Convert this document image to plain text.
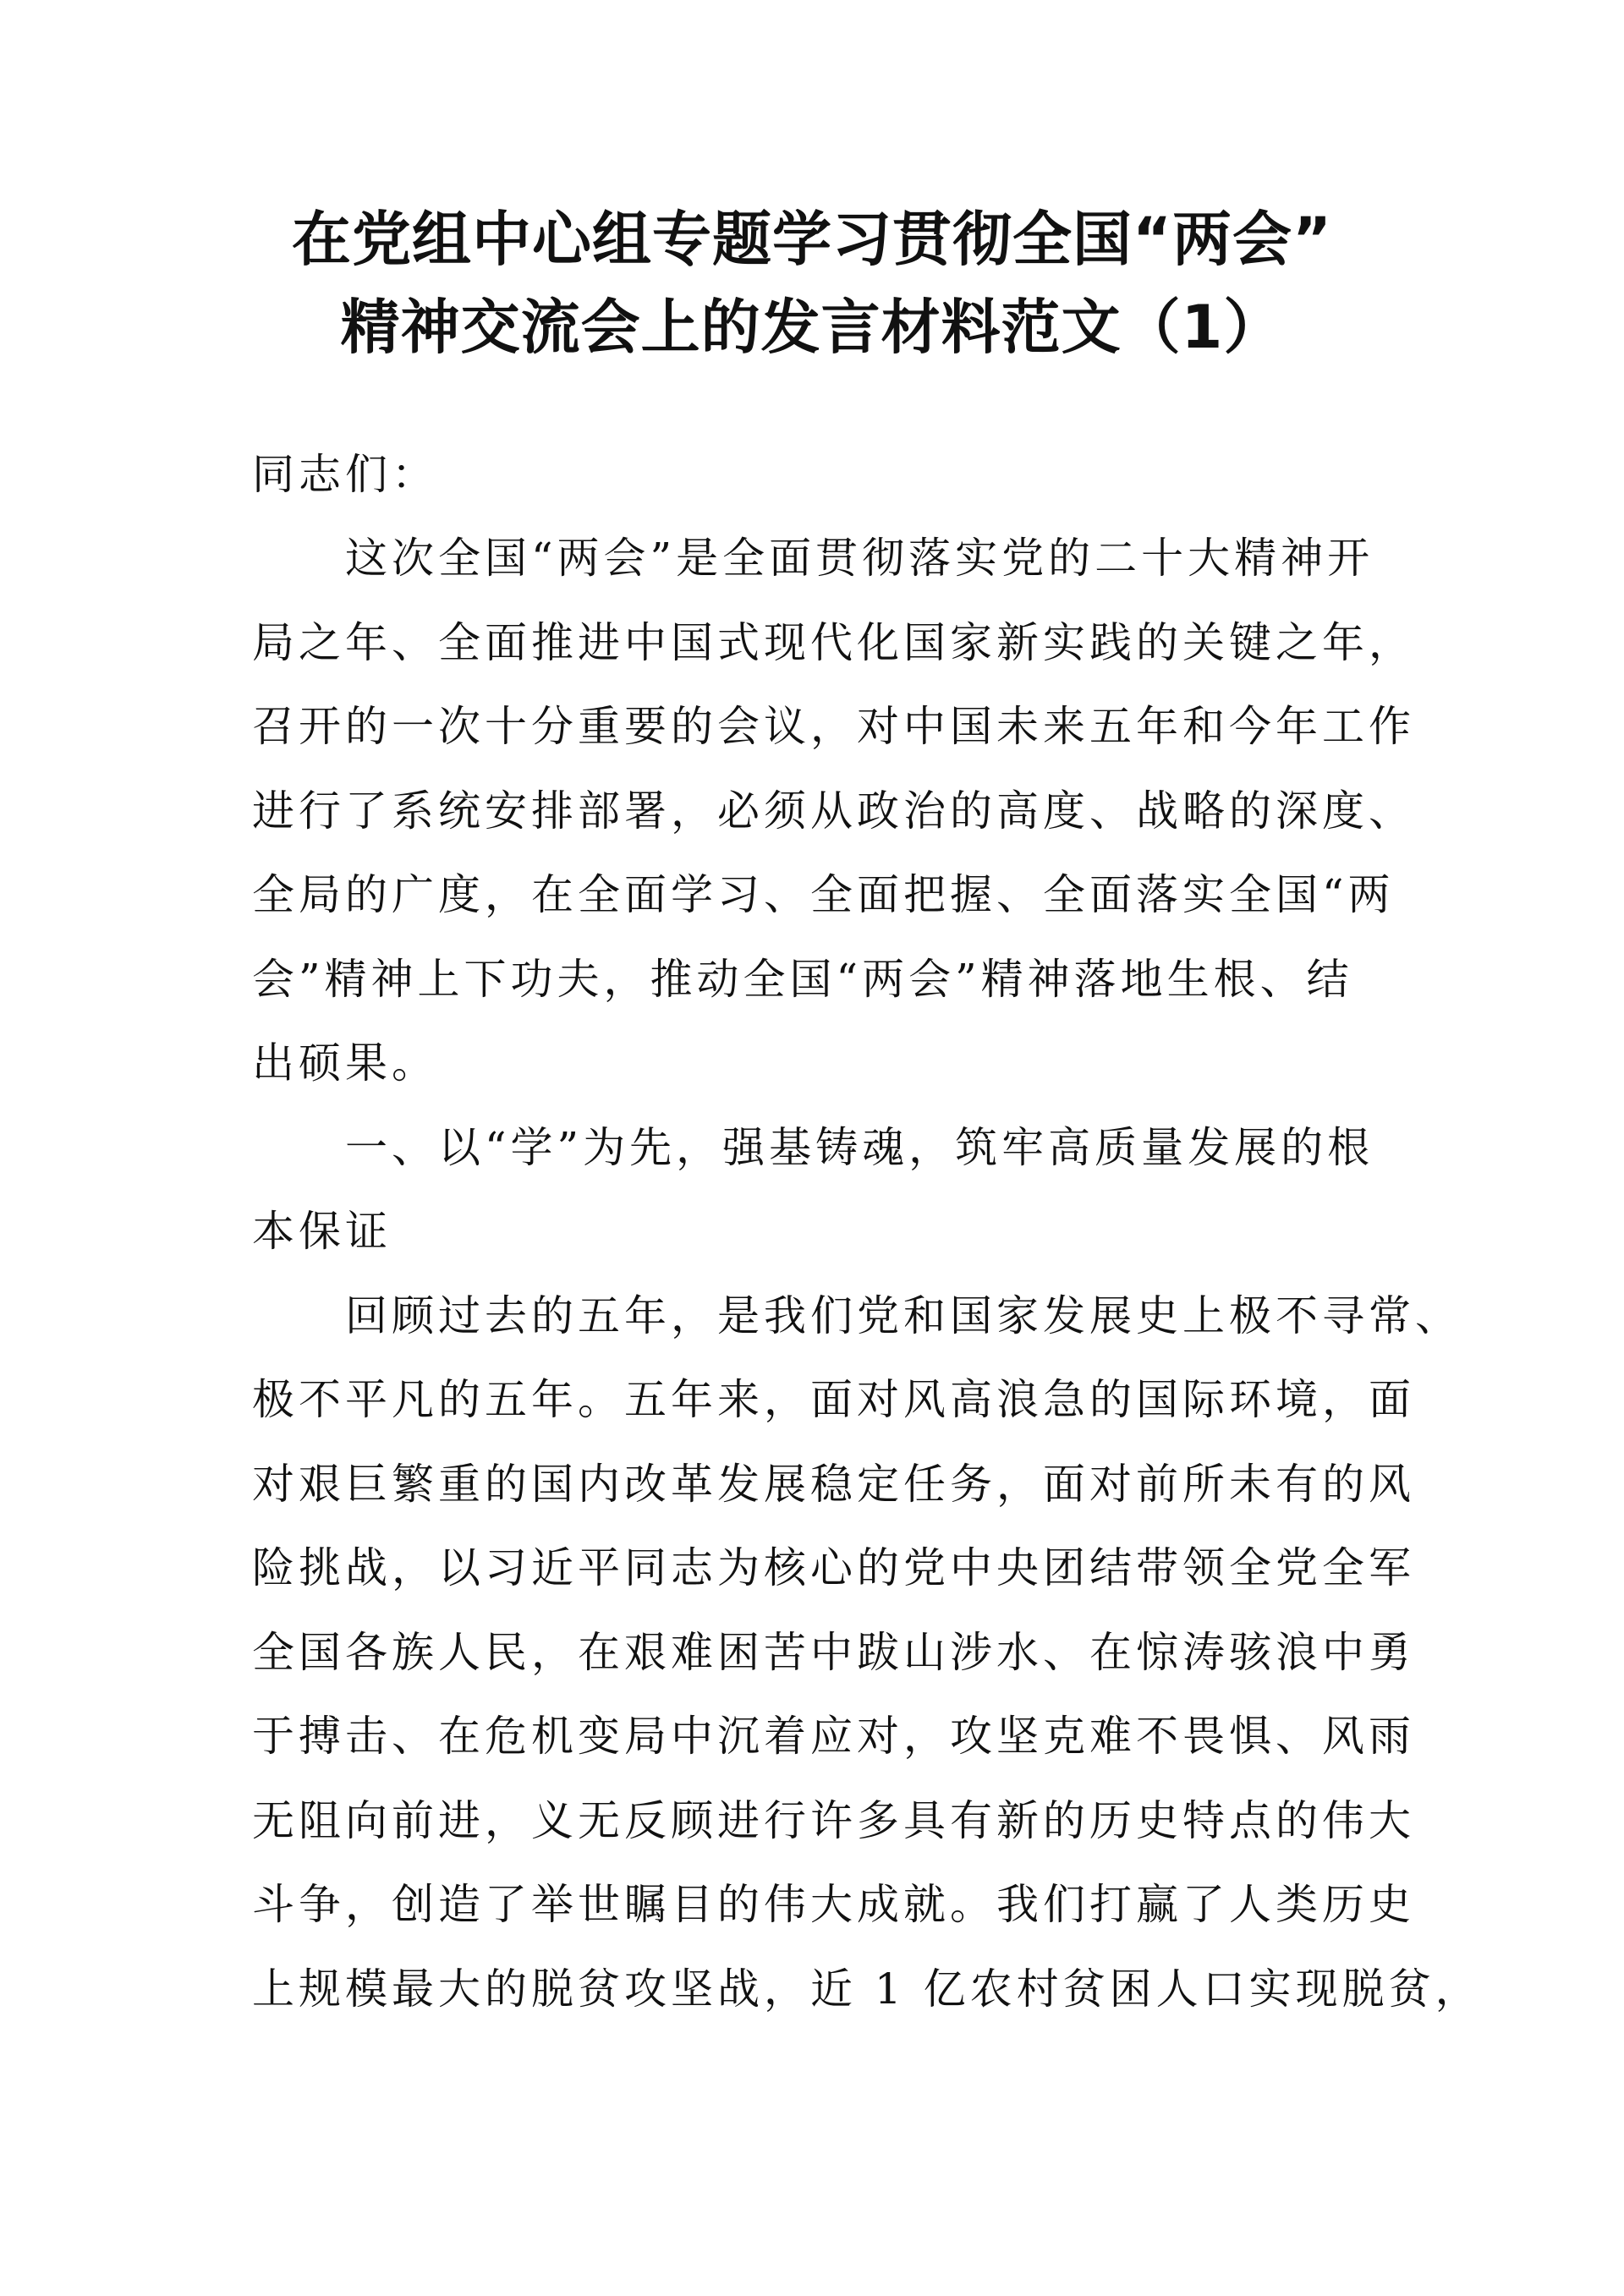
在党组中心组专题学习贯彻全国“两会”
精神交流会上的发言材料范文（1）
同志们：
　　这次全国“两会”是全面贯彻落实党的二十大精神开
局之年、全面推进中国式现代化国家新实践的关键之年，
召开的一次十分重要的会议，对中国未来五年和今年工作
进行了系统安排部署，必须从政治的高度、战略的深度、
全局的广度，在全面学习、全面把握、全面落实全国“两
会”精神上下功夫，推动全国“两会”精神落地生根、结
出硕果。
　　一、以“学”为先，强基铸魂，筑牢高质量发展的根
本保证
　　回顾过去的五年，是我们党和国家发展史上极不寻常、
极不平凡的五年。五年来，面对风高浪急的国际环境，面
对艰巨繁重的国内改革发展稳定任务，面对前所未有的风
险挑战，以习近平同志为核心的党中央团结带领全党全军
全国各族人民，在艰难困苦中跋山涉水、在惊涛骇浪中勇
于搏击、在危机变局中沉着应对，攻坚克难不畏惧、风雨
无阻向前进，义无反顾进行许多具有新的历史特点的伟大
斗争，创造了举世瞩目的伟大成就。我们打赢了人类历史
上规模最大的脱贫攻坚战，近 1 亿农村贫困人口实现脱贫，
